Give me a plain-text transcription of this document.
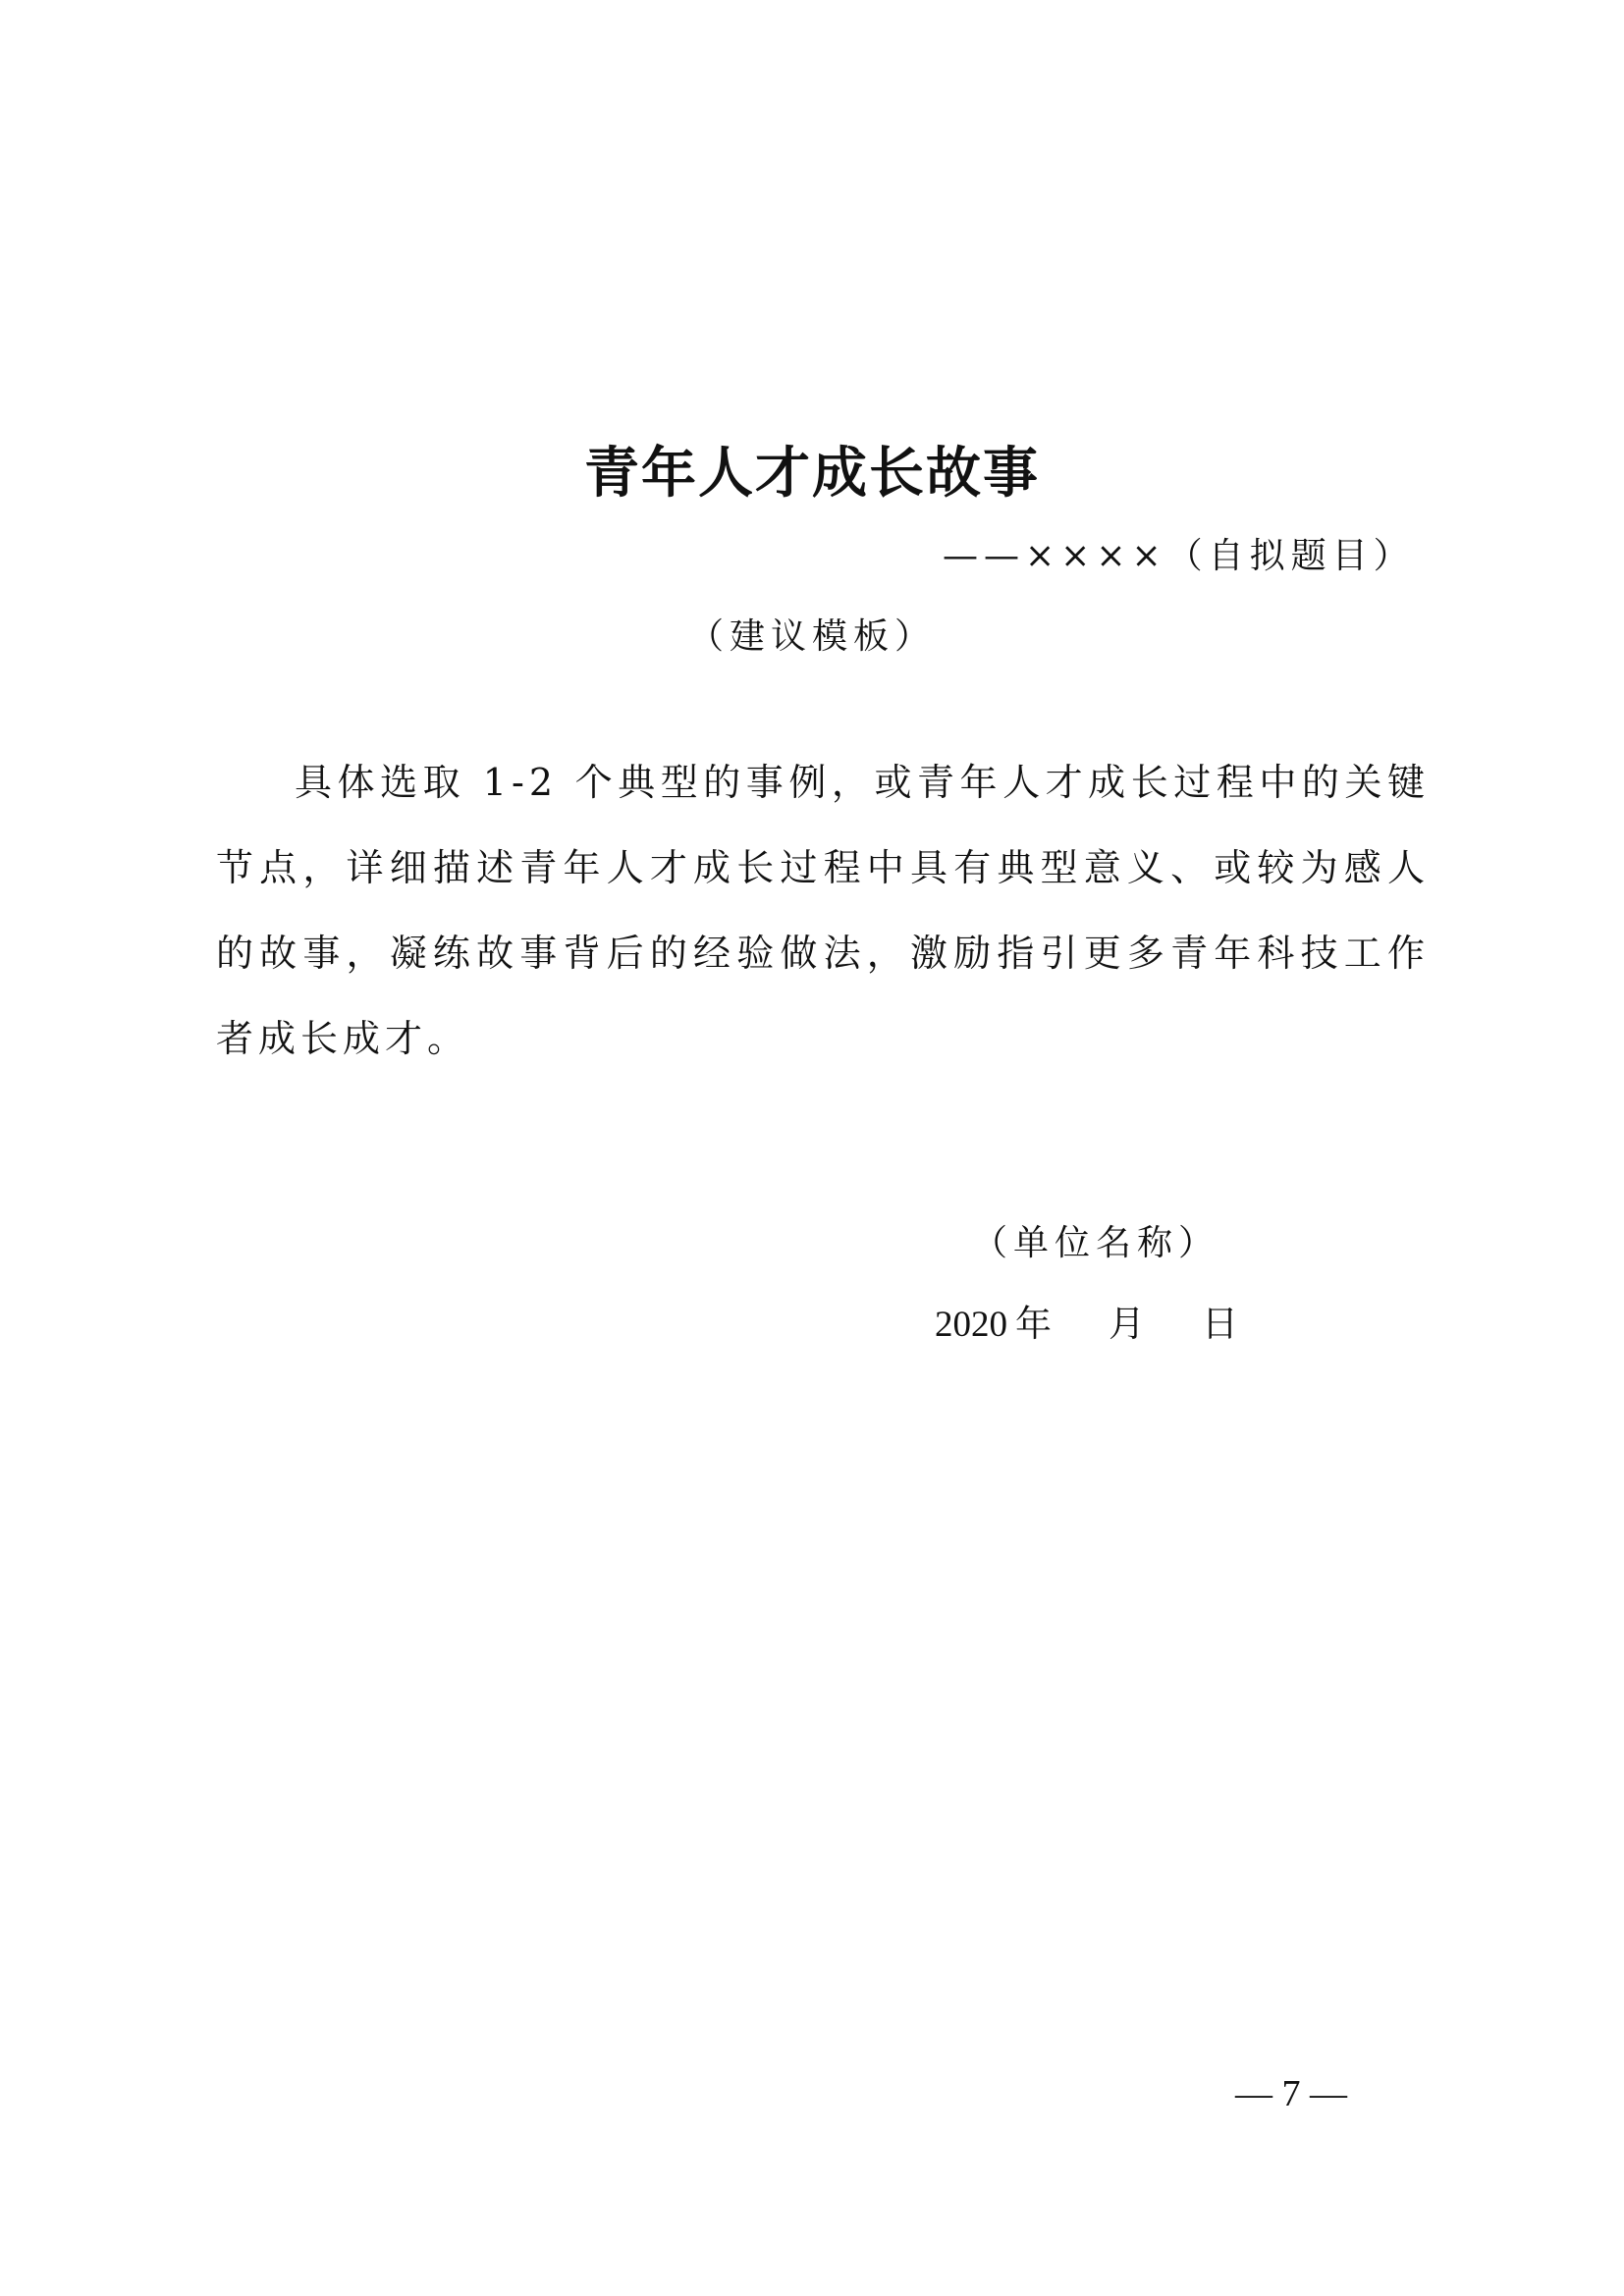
青年人才成长故事
——××××（自拟题目）
（建议模板）

具体选取 1-2 个典型的事例，或青年人才成长过程中的关键节点，详细描述青年人才成长过程中具有典型意义、或较为感人的故事，凝练故事背后的经验做法，激励指引更多青年科技工作者成长成才。

（单位名称）
2020 年 月 日
— 7 —
